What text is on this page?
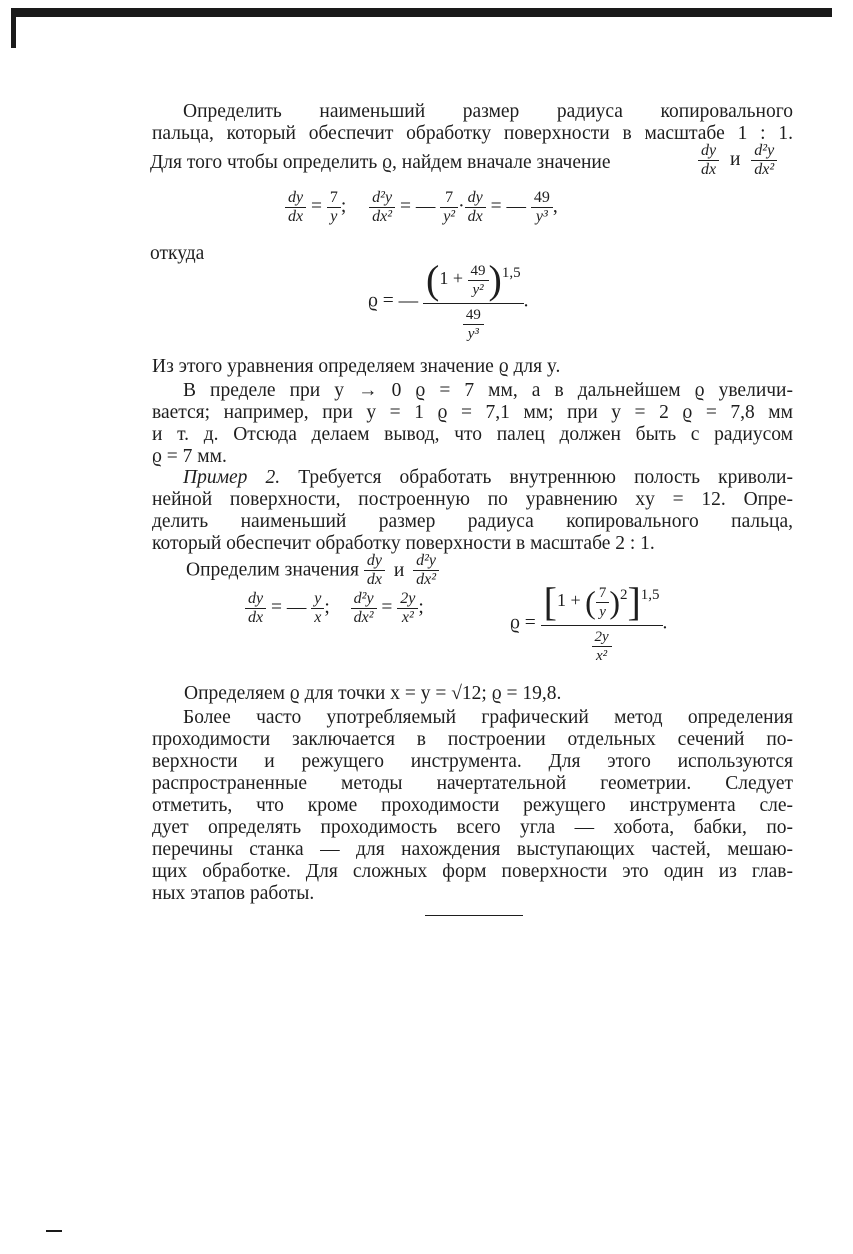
Определить наименьший размер радиуса копировального
пальца, который обеспечит обработку поверхности в масштабе 1 : 1.
Для того чтобы определить ϱ, найдем вначале значение	$\frac{dy}{dx}$ и $\frac{\text{d²y}}{\text{dx²}}$
$\frac{dy}{dx} = \frac{7}{y}$ ; $\frac{\text{d²y}}{\text{dx²}}$ = — $\frac{7}{\text{y²}} \cdot \frac{dy}{dx}$ = — $\frac{49}{\text{y³}}$ ,
откуда
ϱ = — $\frac{(1 + \frac{49}{\text{y²}} )^{1,5}}{\frac{49}{\text{y³}}}$ .
Из этого уравнения определяем значение ϱ для y.
В пределе при y → 0 ϱ = 7 мм, а в дальнейшем ϱ увеличи-
вается; например, при y = 1 ϱ = 7,1 мм; при y = 2 ϱ = 7,8 мм
и т. д. Отсюда делаем вывод, что палец должен быть с радиусом
ϱ = 7 мм.
Пример 2. Требуется обработать внутреннюю полость криволи-
нейной поверхности, построенную по уравнению xy = 12. Опре-
делить наименьший размер радиуса копировального пальца,
который обеспечит обработку поверхности в масштабе 2 : 1.
Определим значения $\frac{dy}{dx}$ и $\frac{\text{d²y}}{\text{dx²}}$
$\frac{dy}{dx}$ = — $\frac{y}{x}$ ; $\frac{\text{d²y}}{\text{dx²}} = \frac{2y}{\text{x²}}$ ;
$ϱ = \frac{[1 + ( \frac{7}{y} )^2]^{1,5}}{\frac{2y}{\text{x²}}}$ .
Определяем ϱ для точки x = y = √12; ϱ = 19,8.
Более часто употребляемый графический метод определения
проходимости заключается в построении отдельных сечений по-
верхности и режущего инструмента. Для этого используются
распространенные методы начертательной геометрии. Следует
отметить, что кроме проходимости режущего инструмента сле-
дует определять проходимость всего угла — хобота, бабки, по-
перечины станка — для нахождения выступающих частей, мешаю-
щих обработке. Для сложных форм поверхности это один из глав-
ных этапов работы.
